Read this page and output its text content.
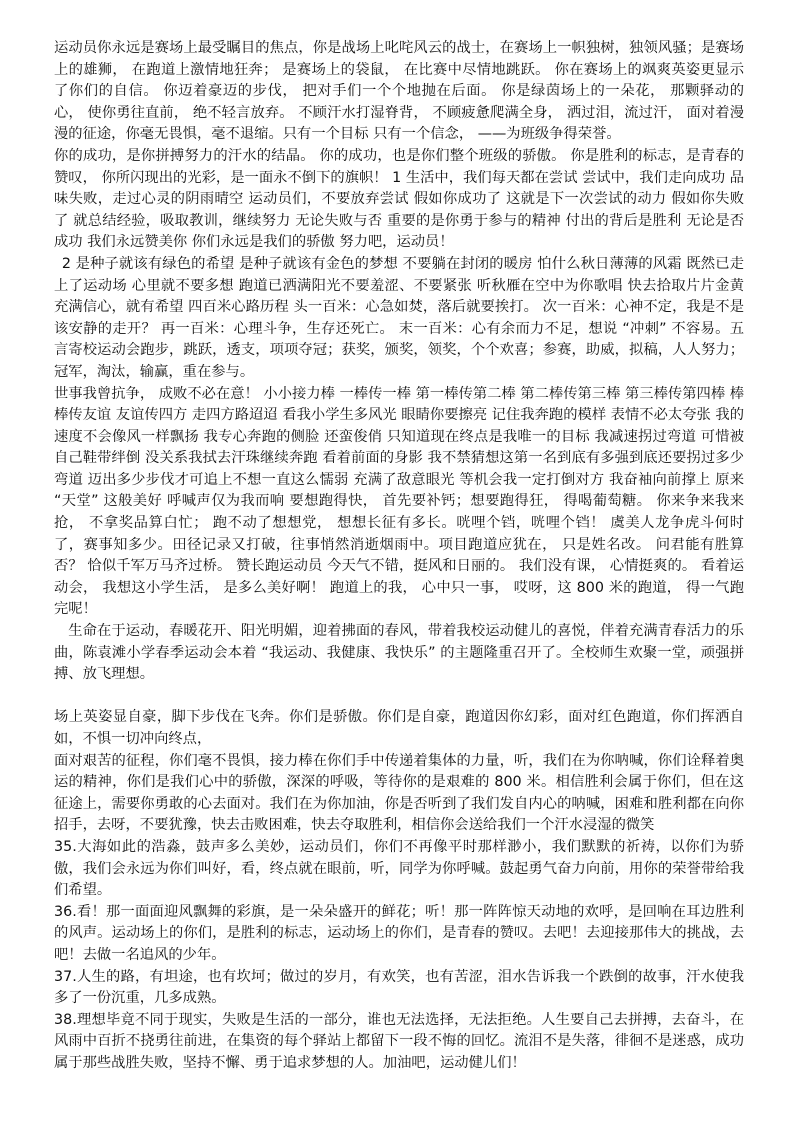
运动员你永远是赛场上最受瞩目的焦点，你是战场上叱咤风云的战士，在赛场上一帜独树，独领风骚；是赛场上的雄狮， 在跑道上激情地狂奔； 是赛场上的袋鼠， 在比赛中尽情地跳跃。 你在赛场上的飒爽英姿更显示了你们的自信。 你迈着豪迈的步伐， 把对手们一个个地抛在后面。 你是绿茵场上的一朵花， 那颗驿动的心， 使你勇往直前， 绝不轻言放弃。 不顾汗水打湿脊背， 不顾疲惫爬满全身， 洒过泪，流过汗， 面对着漫漫的征途，你毫无畏惧，毫不退缩。只有一个目标 只有一个信念， ——为班级争得荣誉。

你的成功，是你拼搏努力的汗水的结晶。 你的成功，也是你们整个班级的骄傲。 你是胜利的标志，是青春的赞叹， 你所闪现出的光彩，是一面永不倒下的旗帜！ 1 生活中，我们每天都在尝试 尝试中，我们走向成功 品味失败，走过心灵的阴雨晴空 运动员们，不要放弃尝试 假如你成功了 这就是下一次尝试的动力 假如你失败了 就总结经验，吸取教训，继续努力 无论失败与否 重要的是你勇于参与的精神 付出的背后是胜利 无论是否成功 我们永远赞美你 你们永远是我们的骄傲 努力吧，运动员！

2 是种子就该有绿色的希望 是种子就该有金色的梦想 不要躺在封闭的暖房 怕什么秋日薄薄的风霜 既然已走上了运动场 心里就不要多想 跑道已洒满阳光不要羞涩、不要紧张 听秋雁在空中为你歌唱 快去拾取片片金黄 充满信心，就有希望 四百米心路历程 头一百米：心急如焚，落后就要挨打。 次一百米：心神不定，我是不是该安静的走开？ 再一百米：心理斗争，生存还死亡。 末一百米：心有余而力不足，想说 “冲刺” 不容易。五言寄校运动会跑步，跳跃，透支，项项夺冠；获奖，颁奖，领奖，个个欢喜；参赛，助威，拟稿，人人努力； 冠军，淘汰，输赢，重在参与。

世事我曾抗争， 成败不必在意！ 小小接力棒 一棒传一棒 第一棒传第二棒 第二棒传第三棒 第三棒传第四棒 棒棒传友谊 友谊传四方 走四方路迢迢 看我小学生多风光 眼睛你要擦亮 记住我奔跑的模样 表情不必太夸张 我的速度不会像风一样飘扬 我专心奔跑的侧脸 还蛮俊俏 只知道现在终点是我唯一的目标 我减速拐过弯道 可惜被自己鞋带绊倒 没关系我拭去汗珠继续奔跑 看着前面的身影 我不禁猜想这第一名到底有多强到底还要拐过多少弯道 迈出多少步伐才可追上不想一直这么懦弱 充满了敌意眼光 等机会我一定打倒对方 我奋袖向前撑上 原来 “天堂” 这般美好 呼喊声仅为我而响 要想跑得快， 首先要补钙；想要跑得狂， 得喝葡萄糖。 你来争来我来抢， 不拿奖品算白忙； 跑不动了想想党， 想想长征有多长。咣哩个铛，咣哩个铛！ 虞美人龙争虎斗何时了，赛事知多少。田径记录又打破，往事悄然消逝烟雨中。项目跑道应犹在， 只是姓名改。 问君能有胜算否？ 恰似千军万马齐过桥。 赞长跑运动员 今天气不错，挺风和日丽的。 我们没有课， 心情挺爽的。 看着运动会， 我想这小学生活， 是多么美好啊！ 跑道上的我， 心中只一事， 哎呀，这 800 米的跑道， 得一气跑完呢！

生命在于运动，春暖花开、阳光明媚，迎着拂面的春风，带着我校运动健儿的喜悦，伴着充满青春活力的乐曲，陈袁滩小学春季运动会本着 “我运动、我健康、我快乐” 的主题隆重召开了。全校师生欢聚一堂，顽强拼搏、放飞理想。

场上英姿显自豪，脚下步伐在飞奔。你们是骄傲。你们是自豪，跑道因你幻彩，面对红色跑道，你们挥洒自如，不惧一切冲向终点，

面对艰苦的征程，你们毫不畏惧，接力棒在你们手中传递着集体的力量，听，我们在为你呐喊，你们诠释着奥运的精神，你们是我们心中的骄傲，深深的呼吸，等待你的是艰难的 800 米。相信胜利会属于你们，但在这征途上，需要你勇敢的心去面对。我们在为你加油，你是否听到了我们发自内心的呐喊，困难和胜利都在向你招手，去呀，不要犹豫，快去击败困难，快去夺取胜利，相信你会送给我们一个汗水浸湿的微笑

35.大海如此的浩淼，鼓声多么美妙，运动员们，你们不再像平时那样渺小，我们默默的祈祷，以你们为骄傲，我们会永远为你们叫好，看，终点就在眼前，听，同学为你呼喊。鼓起勇气奋力向前，用你的荣誉带给我们希望。

36.看！那一面面迎风飘舞的彩旗，是一朵朵盛开的鲜花；听！那一阵阵惊天动地的欢呼，是回响在耳边胜利的风声。运动场上的你们，是胜利的标志，运动场上的你们，是青春的赞叹。去吧！去迎接那伟大的挑战，去吧！去做一名追风的少年。

37.人生的路，有坦途，也有坎坷；做过的岁月，有欢笑，也有苦涩，泪水告诉我一个跌倒的故事，汗水使我多了一份沉重，几多成熟。

38.理想毕竟不同于现实，失败是生活的一部分，谁也无法选择，无法拒绝。人生要自己去拼搏，去奋斗，在风雨中百折不挠勇往前进，在集资的每个驿站上都留下一段不悔的回忆。流泪不是失落，徘徊不是迷惑，成功属于那些战胜失败，坚持不懈、勇于追求梦想的人。加油吧，运动健儿们！
